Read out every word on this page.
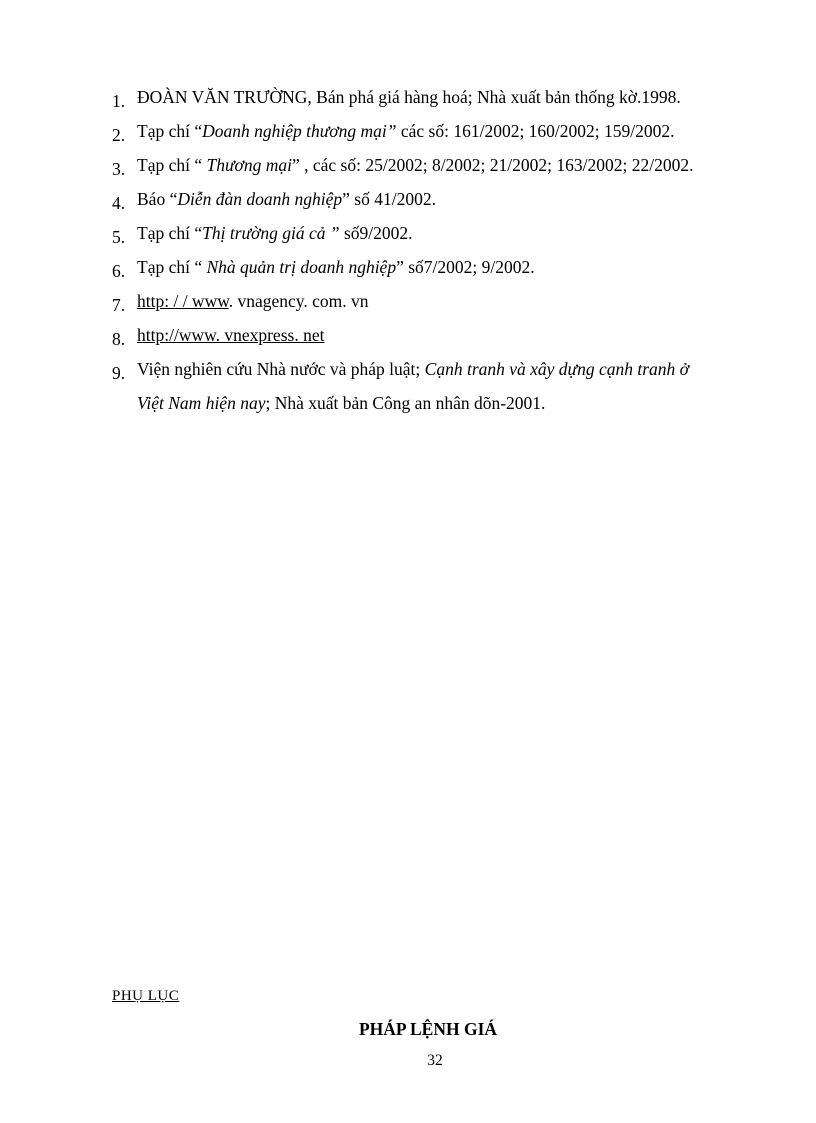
1. ĐOÀN VĂN TRƯỜNG, Bán phá giá hàng hoá; Nhà xuất bản thống kờ.1998.
2. Tạp chí “Doanh nghiệp thương mại” các số: 161/2002; 160/2002; 159/2002.
3. Tạp chí “ Thương mại” , các số: 25/2002; 8/2002; 21/2002; 163/2002; 22/2002.
4. Báo “Diễn đàn doanh nghiệp” số 41/2002.
5. Tạp chí “Thị trường giá cả ” số9/2002.
6. Tạp chí “ Nhà quản trị doanh nghiệp” số7/2002; 9/2002.
7. http: / / www. vnagency. com. vn
8. http://www. vnexpress. net
9. Viện nghiên cứu Nhà nước và pháp luật; Cạnh tranh và xây dựng cạnh tranh ở
Việt Nam hiện nay; Nhà xuất bản Công an nhân dõn-2001.
PHỤ LỤC
PHÁP LỆNH GIÁ
32
